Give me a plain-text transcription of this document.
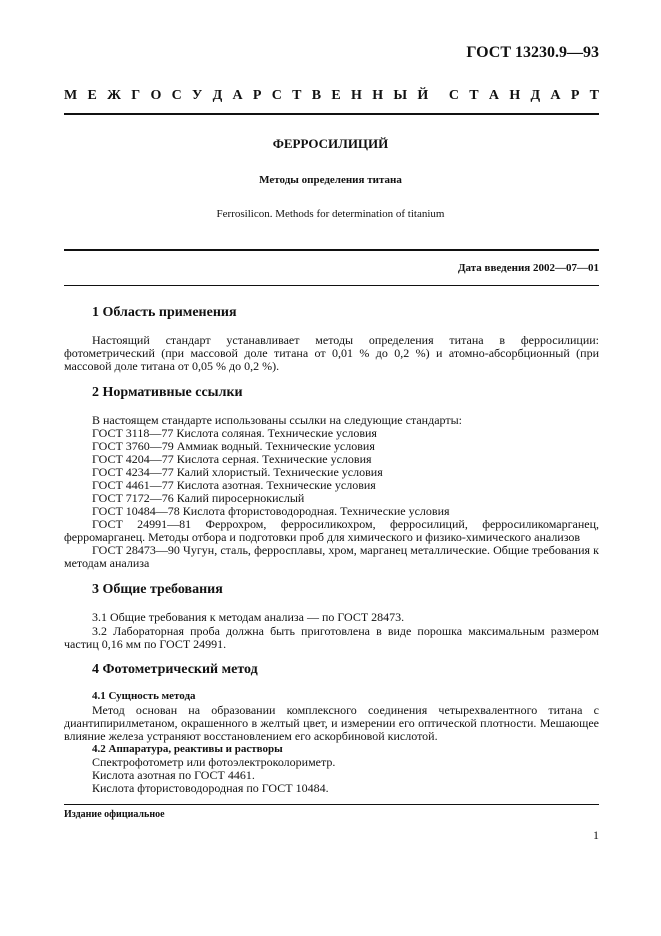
ГОСТ 13230.9—93
М Е Ж Г О С У Д А Р С Т В Е Н Н Ы Й С Т А Н Д А Р Т
ФЕРРОСИЛИЦИЙ
Методы определения титана
Ferrosilicon. Methods for determination of titanium
Дата введения 2002—07—01
1 Область применения
Настоящий стандарт устанавливает методы определения титана в ферросилиции: фотометрический (при массовой доле титана от 0,01 % до 0,2 %) и атомно-абсорбционный (при массовой доле титана от 0,05 % до 0,2 %).
2 Нормативные ссылки
В настоящем стандарте использованы ссылки на следующие стандарты:
ГОСТ 3118—77 Кислота соляная. Технические условия
ГОСТ 3760—79 Аммиак водный. Технические условия
ГОСТ 4204—77 Кислота серная. Технические условия
ГОСТ 4234—77 Калий хлористый. Технические условия
ГОСТ 4461—77 Кислота азотная. Технические условия
ГОСТ 7172—76 Калий пиросернокислый
ГОСТ 10484—78 Кислота фтористоводородная. Технические условия
ГОСТ 24991—81 Феррохром, ферросиликохром, ферросилиций, ферросиликомарганец, ферромарганец. Методы отбора и подготовки проб для химического и физико-химического анализов
ГОСТ 28473—90 Чугун, сталь, ферросплавы, хром, марганец металлические. Общие требования к методам анализа
3 Общие требования
3.1 Общие требования к методам анализа — по ГОСТ 28473.
3.2 Лабораторная проба должна быть приготовлена в виде порошка максимальным размером частиц 0,16 мм по ГОСТ 24991.
4 Фотометрический метод
4.1 Сущность метода
Метод основан на образовании комплексного соединения четырехвалентного титана с диантипирилметаном, окрашенного в желтый цвет, и измерении его оптической плотности. Мешающее влияние железа устраняют восстановлением его аскорбиновой кислотой.
4.2 Аппаратура, реактивы и растворы
Спектрофотометр или фотоэлектроколориметр.
Кислота азотная по ГОСТ 4461.
Кислота фтористоводородная по ГОСТ 10484.
Издание официальное
1
